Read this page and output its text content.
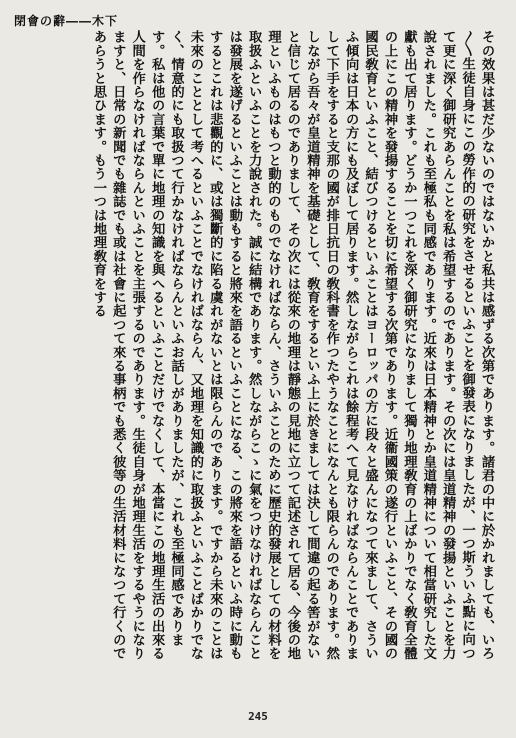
閉會の辭――木下

その效果は甚だ少ないのではないかと私共は感ずる次第であります。諸君の中に於かれましても、いろ〳〵生徒自身にこの勞作的の研究をさせるといふことを御發表になりましたが、一つ斯ういふ點に向つて更に深く御研究あらんことを私は希望するのであります。その次には皇道精神の發揚といふことを力說されました。これも至極私も同感であります。近來は日本精神とか皇道精神について相當研究した文獻も出て居ります。どうか一つこれを深く御研究になりまして獨り地理敎育の上ばかりでなく敎育全體の上にこの精神を發揚することを切に希望する次第であります。近衞國策の遂行といふこと、その國の國民敎育といふこと、結びつけるといふことはヨーロッパの方に段々と盛んになつて來まして、さういふ傾向は日本の方にも及ぼして居ります。然しながらこれは餘程考へて見なければならんことでありまして下手をすると支那の國が排日抗日の敎科書を作つたやうなことになんとも限らんのであります。然しながら吾々が皇道精神を基礎として、敎育をするといふ上に於きましては決して間違の起る筈がないと信じて居るのでありまして、その次には從來の地理は靜態の見地に立つて記述されて居る、今後の地理といふものはもつと動的のものでなければならん、さういふことのために歷史的發展としての材料を取扱ふといふことを力說された。誠に結構であります。然しながらこゝに氣をつけなければならんことは發展を遂げるといふことは動もすると將來を語るといふことになる、この將來を語るといふ時に動もするとこれは悲觀的に、或は獨斷的に陷る虞れがないとは限らんのであります。ですから未來のことは未來のこととして考へるといふことでなければならん、又地理を知識的に取扱ふといふことばかりでなく、情意的にも取扱つて行かなければならんといふお話しがありましたが、これも至極同感であります。私は他の言葉で單に地理の知識を與へるといふことだけでなくして、本當にこの地理生活の出來る人間を作らなければならんといふことを主張するのであります。生徒自身が地理生活をするやうになりますと、日常の新聞でも雜誌でも或は社會に起つて來る事柄でも悉く彼等の生活材料になつて行くのであらうと思ひます。もう一つは地理敎育をする

245
